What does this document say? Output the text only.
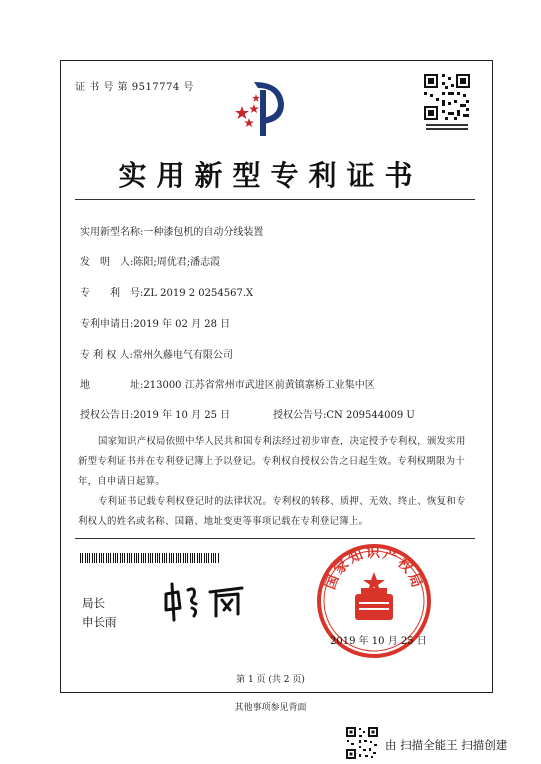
证 书 号 第 9517774 号
实用新型专利证书
实用新型名称:一种漆包机的自动分线装置
发　明　人:陈阳;周优君;潘志霞
专　　利　号:ZL 2019 2 0254567.X
专利申请日:2019 年 02 月 28 日
专 利 权 人:常州久藤电气有限公司
地　　　　址:213000 江苏省常州市武进区前黄镇寨桥工业集中区
授权公告日:2019 年 10 月 25 日	授权公告号:CN 209544009 U
国家知识产权局依照中华人民共和国专利法经过初步审查，决定授予专利权，颁发实用新型专利证书并在专利登记簿上予以登记。专利权自授权公告之日起生效。专利权期限为十年，自申请日起算。
专利证书记载专利权登记时的法律状况。专利权的转移、质押、无效、终止、恢复和专利权人的姓名或名称、国籍、地址变更等事项记载在专利登记簿上。
局长
申长雨
国家知识产权局
2019 年 10 月 25 日
第 1 页 (共 2 页)
其他事项参见背面
由 扫描全能王 扫描创建
